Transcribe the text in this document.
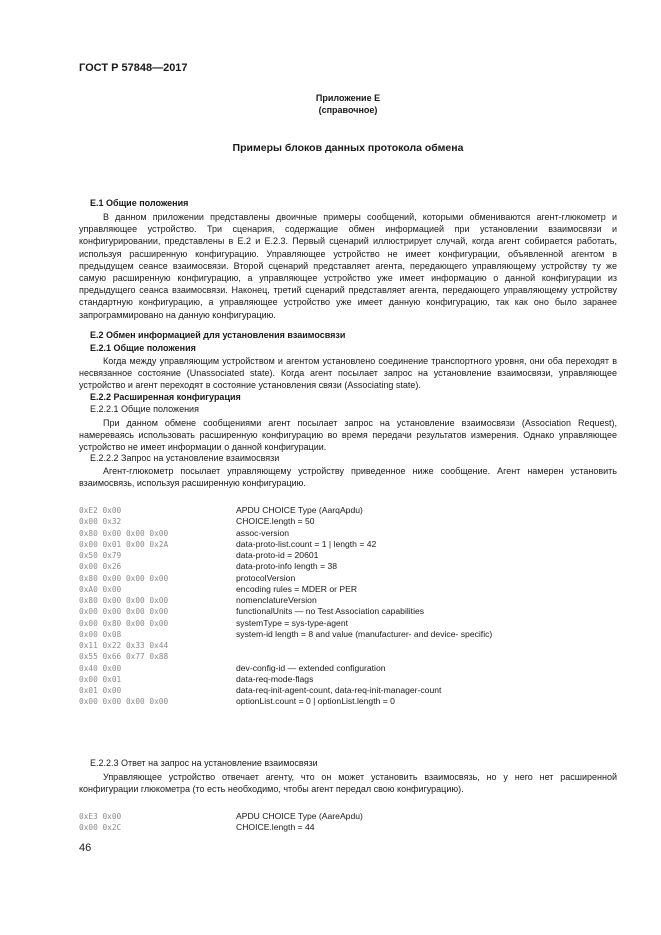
ГОСТ Р 57848—2017
Приложение Е
(справочное)
Примеры блоков данных протокола обмена
Е.1 Общие положения

В данном приложении представлены двоичные примеры сообщений, которыми обмениваются агент-глюкометр и управляющее устройство. Три сценария, содержащие обмен информацией при установлении взаимосвязи и конфигурировании, представлены в Е.2 и Е.2.3. Первый сценарий иллюстрирует случай, когда агент собирается работать, используя расширенную конфигурацию. Управляющее устройство не имеет конфигурации, объявленной агентом в предыдущем сеансе взаимосвязи. Второй сценарий представляет агента, передающего управляющему устройству ту же самую расширенную конфигурацию, а управляющее устройство уже имеет информацию о данной конфигурации из предыдущего сеанса взаимосвязи. Наконец, третий сценарий представляет агента, передающего управляющему устройству стандартную конфигурацию, а управляющее устройство уже имеет данную конфигурацию, так как оно было заранее запрограммировано на данную конфигурацию.

Е.2 Обмен информацией для установления взаимосвязи
Е.2.1 Общие положения

Когда между управляющим устройством и агентом установлено соединение транспортного уровня, они оба переходят в несвязанное состояние (Unassociated state). Когда агент посылает запрос на установление взаимосвязи, управляющее устройство и агент переходят в состояние установления связи (Associating state).

Е.2.2 Расширенная конфигурация
Е.2.2.1 Общие положения

При данном обмене сообщениями агент посылает запрос на установление взаимосвязи (Association Request), намереваясь использовать расширенную конфигурацию во время передачи результатов измерения. Однако управляющее устройство не имеет информации о данной конфигурации.

Е.2.2.2 Запрос на установление взаимосвязи

Агент-глюкометр посылает управляющему устройству приведенное ниже сообщение. Агент намерен установить взаимосвязь, используя расширенную конфигурацию.

0xE2 0x00	APDU CHOICE Type (AarqApdu)
0x00 0x32	CHOICE.length = 50
0x80 0x00 0x00 0x00	assoc-version
0x00 0x01 0x00 0x2A	data-proto-list.count = 1 | length = 42
0x50 0x79	data-proto-id = 20601
0x00 0x26	data-proto-info length = 38
0x80 0x00 0x00 0x00	protocolVersion
0xA0 0x00	encoding rules = MDER or PER
0x80 0x00 0x00 0x00	nomenclatureVersion
0x00 0x00 0x00 0x00	functionalUnits — no Test Association capabilities
0x00 0x80 0x00 0x00	systemType = sys-type-agent
0x00 0x08	system-id length = 8 and value (manufacturer- and device- specific)
0x11 0x22 0x33 0x44
0x55 0x66 0x77 0x88
0x40 0x00	dev-config-id — extended configuration
0x00 0x01	data-req-mode-flags
0x01 0x00	data-req-init-agent-count, data-req-init-manager-count
0x00 0x00 0x00 0x00	optionList.count = 0 | optionList.length = 0
Е.2.2.3 Ответ на запрос на установление взаимосвязи

Управляющее устройство отвечает агенту, что он может установить взаимосвязь, но у него нет расширенной конфигурации глюкометра (то есть необходимо, чтобы агент передал свою конфигурацию).

0xE3 0x00	APDU CHOICE Type (AareApdu)
0x00 0x2C	CHOICE.length = 44
46
